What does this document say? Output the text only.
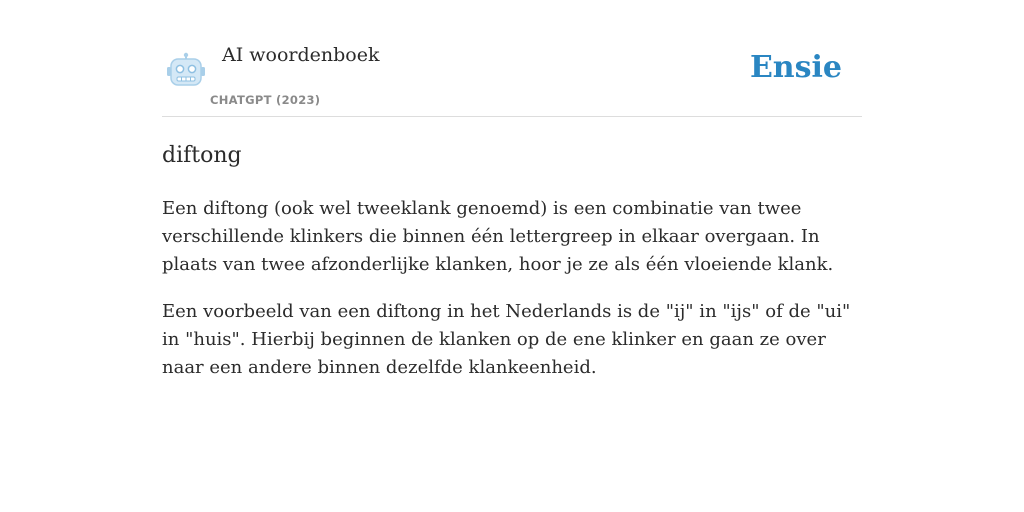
AI woordenboek
CHATGPT (2023)
Ensie
diftong

Een diftong (ook wel tweeklank genoemd) is een combinatie van twee verschillende klinkers die binnen één lettergreep in elkaar overgaan. In plaats van twee afzonderlijke klanken, hoor je ze als één vloeiende klank.

Een voorbeeld van een diftong in het Nederlands is de "ij" in "ijs" of de "ui" in "huis". Hierbij beginnen de klanken op de ene klinker en gaan ze over naar een andere binnen dezelfde klankeenheid.
